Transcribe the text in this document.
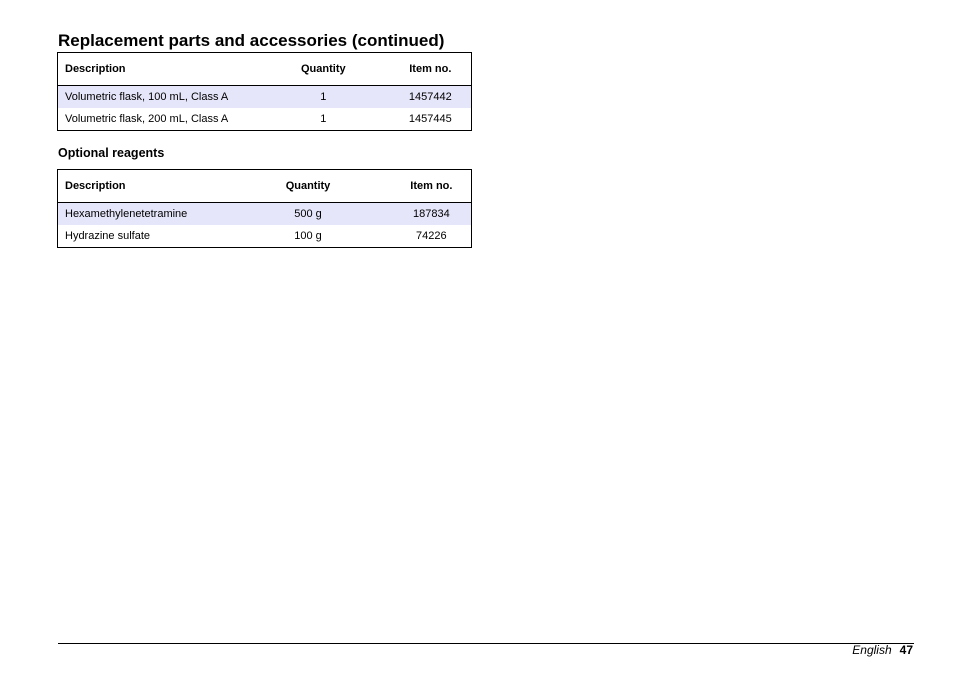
Replacement parts and accessories (continued)
Description	Quantity	Item no.
Volumetric flask, 100 mL, Class A	1	1457442
Volumetric flask, 200 mL, Class A	1	1457445
Optional reagents
Description	Quantity	Item no.
Hexamethylenetetramine	500 g	187834
Hydrazine sulfate	100 g	74226
English 47
